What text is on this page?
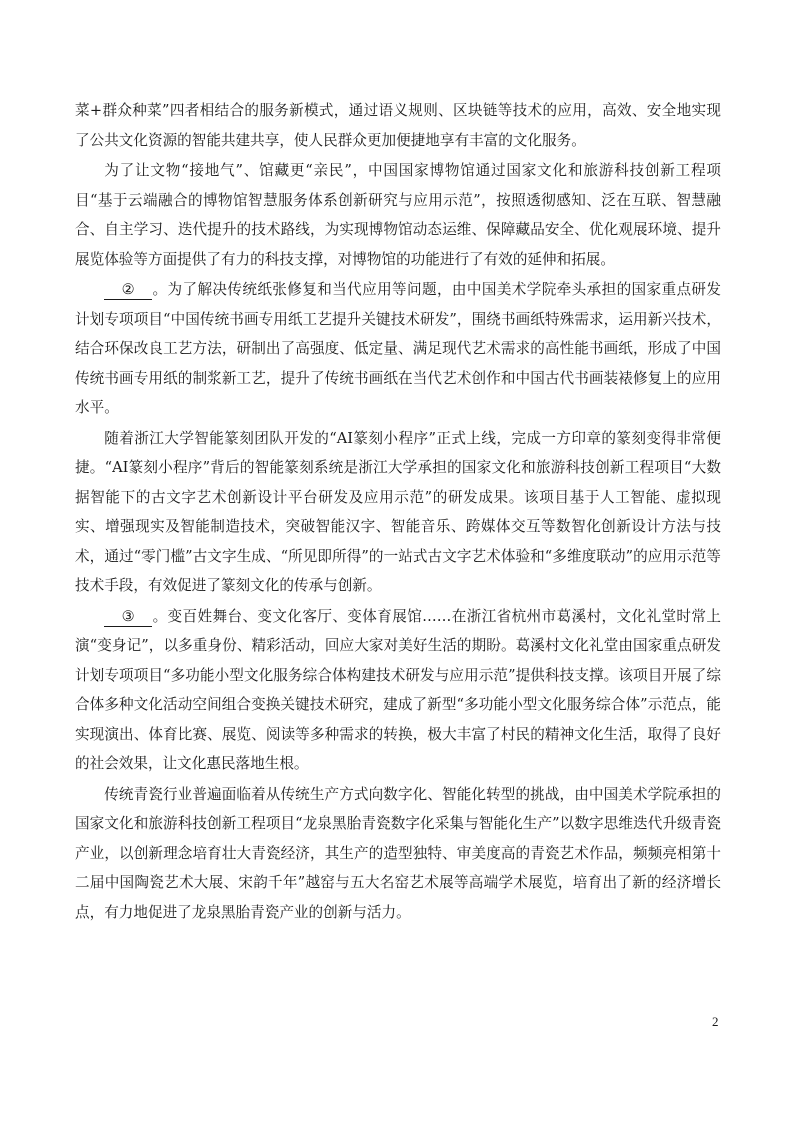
菜+群众种菜”四者相结合的服务新模式，通过语义规则、区块链等技术的应用，高效、安全地实现了公共文化资源的智能共建共享，使人民群众更加便捷地享有丰富的文化服务。

为了让文物“接地气”、馆藏更“亲民”，中国国家博物馆通过国家文化和旅游科技创新工程项目“基于云端融合的博物馆智慧服务体系创新研究与应用示范”，按照透彻感知、泛在互联、智慧融合、自主学习、迭代提升的技术路线，为实现博物馆动态运维、保障藏品安全、优化观展环境、提升展览体验等方面提供了有力的科技支撑，对博物馆的功能进行了有效的延伸和拓展。

② 。为了解决传统纸张修复和当代应用等问题，由中国美术学院牵头承担的国家重点研发计划专项项目“中国传统书画专用纸工艺提升关键技术研发”，围绕书画纸特殊需求，运用新兴技术，结合环保改良工艺方法，研制出了高强度、低定量、满足现代艺术需求的高性能书画纸，形成了中国传统书画专用纸的制浆新工艺，提升了传统书画纸在当代艺术创作和中国古代书画装裱修复上的应用水平。

随着浙江大学智能篆刻团队开发的“AI篆刻小程序”正式上线，完成一方印章的篆刻变得非常便捷。“AI篆刻小程序”背后的智能篆刻系统是浙江大学承担的国家文化和旅游科技创新工程项目“大数据智能下的古文字艺术创新设计平台研发及应用示范”的研发成果。该项目基于人工智能、虚拟现实、增强现实及智能制造技术，突破智能汉字、智能音乐、跨媒体交互等数智化创新设计方法与技术，通过“零门槛”古文字生成、“所见即所得”的一站式古文字艺术体验和“多维度联动”的应用示范等技术手段，有效促进了篆刻文化的传承与创新。

③ 。变百姓舞台、变文化客厅、变体育展馆……在浙江省杭州市葛溪村，文化礼堂时常上演“变身记”，以多重身份、精彩活动，回应大家对美好生活的期盼。葛溪村文化礼堂由国家重点研发计划专项项目“多功能小型文化服务综合体构建技术研发与应用示范”提供科技支撑。该项目开展了综合体多种文化活动空间组合变换关键技术研究，建成了新型“多功能小型文化服务综合体”示范点，能实现演出、体育比赛、展览、阅读等多种需求的转换，极大丰富了村民的精神文化生活，取得了良好的社会效果，让文化惠民落地生根。

传统青瓷行业普遍面临着从传统生产方式向数字化、智能化转型的挑战，由中国美术学院承担的国家文化和旅游科技创新工程项目“龙泉黑胎青瓷数字化采集与智能化生产”以数字思维迭代升级青瓷产业，以创新理念培育壮大青瓷经济，其生产的造型独特、审美度高的青瓷艺术作品，频频亮相第十二届中国陶瓷艺术大展、宋韵千年”越窑与五大名窑艺术展等高端学术展览，培育出了新的经济增长点，有力地促进了龙泉黑胎青瓷产业的创新与活力。

2
